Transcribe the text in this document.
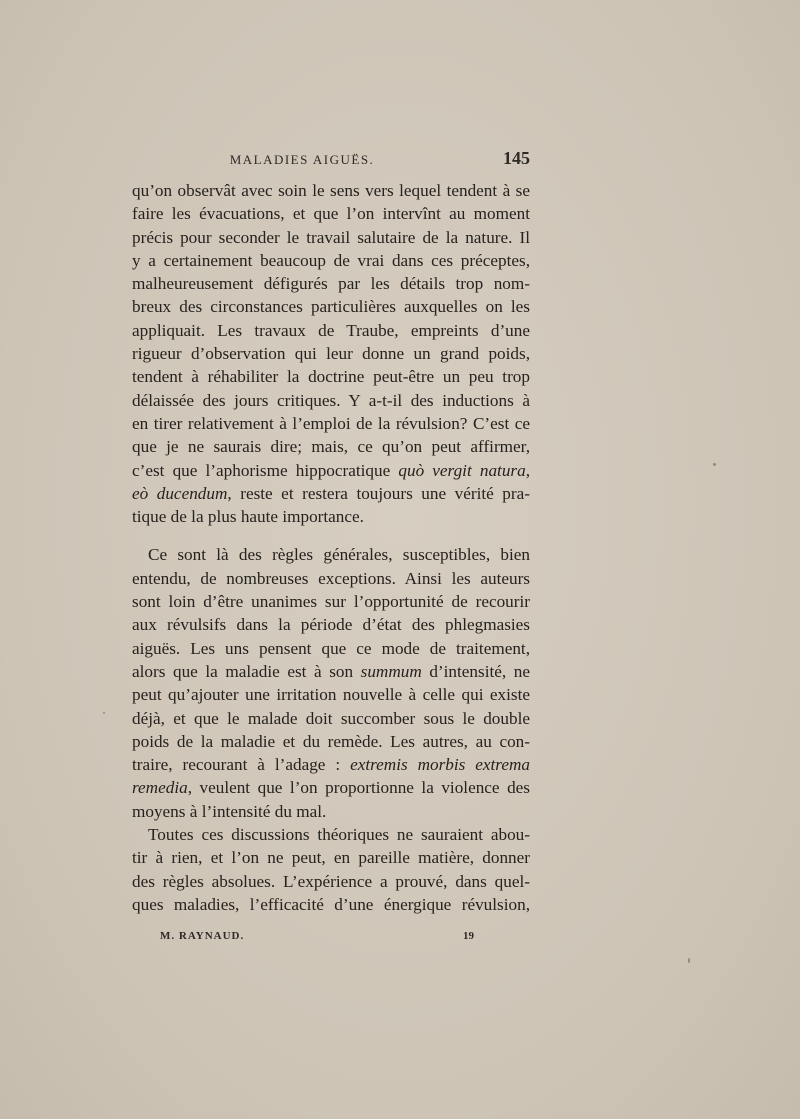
MALADIES AIGUËS.	145
qu’on observât avec soin le sens vers lequel tendent à se
faire les évacuations, et que l’on intervînt au moment
précis pour seconder le travail salutaire de la nature. Il
y a certainement beaucoup de vrai dans ces préceptes,
malheureusement défigurés par les détails trop nom-
breux des circonstances particulières auxquelles on les
appliquait. Les travaux de Traube, empreints d’une
rigueur d’observation qui leur donne un grand poids,
tendent à réhabiliter la doctrine peut-être un peu trop
délaissée des jours critiques. Y a-t-il des inductions à
en tirer relativement à l’emploi de la révulsion? C’est ce
que je ne saurais dire; mais, ce qu’on peut affirmer,
c’est que l’aphorisme hippocratique quò vergit natura,
eò ducendum, reste et restera toujours une vérité pra-
tique de la plus haute importance.
Ce sont là des règles générales, susceptibles, bien
entendu, de nombreuses exceptions. Ainsi les auteurs
sont loin d’être unanimes sur l’opportunité de recourir
aux révulsifs dans la période d’état des phlegmasies
aiguës. Les uns pensent que ce mode de traitement,
alors que la maladie est à son summum d’intensité, ne
peut qu’ajouter une irritation nouvelle à celle qui existe
déjà, et que le malade doit succomber sous le double
poids de la maladie et du remède. Les autres, au con-
traire, recourant à l’adage : extremis morbis extrema
remedia, veulent que l’on proportionne la violence des
moyens à l’intensité du mal.
Toutes ces discussions théoriques ne sauraient abou-
tir à rien, et l’on ne peut, en pareille matière, donner
des règles absolues. L’expérience a prouvé, dans quel-
ques maladies, l’efficacité d’une énergique révulsion,
M. RAYNAUD.	19
